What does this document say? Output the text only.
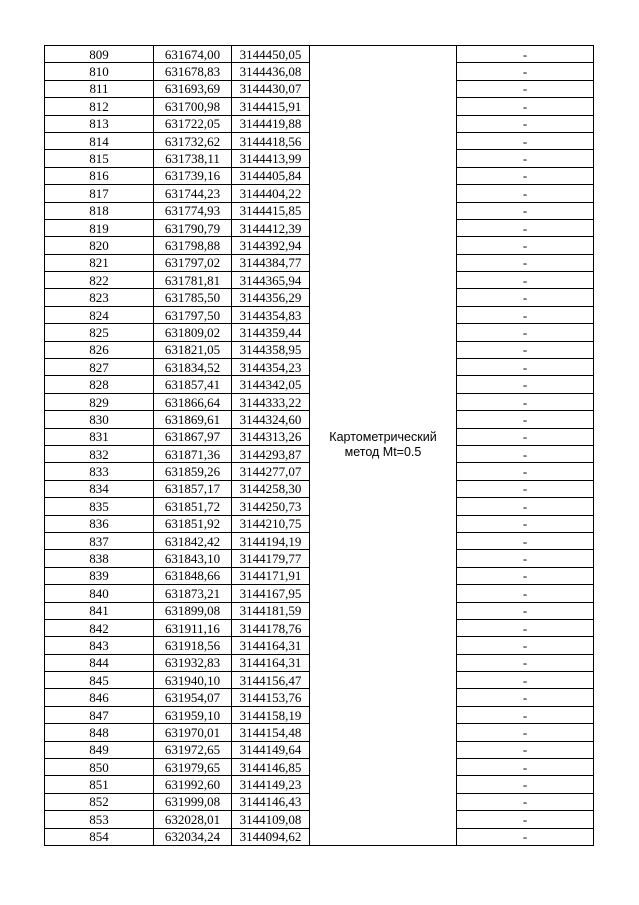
809	631674,00	3144450,05	Картометрический
метод Mt=0.5	-
810	631678,83	3144436,08		-
811	631693,69	3144430,07		-
812	631700,98	3144415,91		-
813	631722,05	3144419,88		-
814	631732,62	3144418,56		-
815	631738,11	3144413,99		-
816	631739,16	3144405,84		-
817	631744,23	3144404,22		-
818	631774,93	3144415,85		-
819	631790,79	3144412,39		-
820	631798,88	3144392,94		-
821	631797,02	3144384,77		-
822	631781,81	3144365,94		-
823	631785,50	3144356,29		-
824	631797,50	3144354,83		-
825	631809,02	3144359,44		-
826	631821,05	3144358,95		-
827	631834,52	3144354,23		-
828	631857,41	3144342,05		-
829	631866,64	3144333,22		-
830	631869,61	3144324,60		-
831	631867,97	3144313,26		-
832	631871,36	3144293,87		-
833	631859,26	3144277,07		-
834	631857,17	3144258,30		-
835	631851,72	3144250,73		-
836	631851,92	3144210,75		-
837	631842,42	3144194,19		-
838	631843,10	3144179,77		-
839	631848,66	3144171,91		-
840	631873,21	3144167,95		-
841	631899,08	3144181,59		-
842	631911,16	3144178,76		-
843	631918,56	3144164,31		-
844	631932,83	3144164,31		-
845	631940,10	3144156,47		-
846	631954,07	3144153,76		-
847	631959,10	3144158,19		-
848	631970,01	3144154,48		-
849	631972,65	3144149,64		-
850	631979,65	3144146,85		-
851	631992,60	3144149,23		-
852	631999,08	3144146,43		-
853	632028,01	3144109,08		-
854	632034,24	3144094,62		-
